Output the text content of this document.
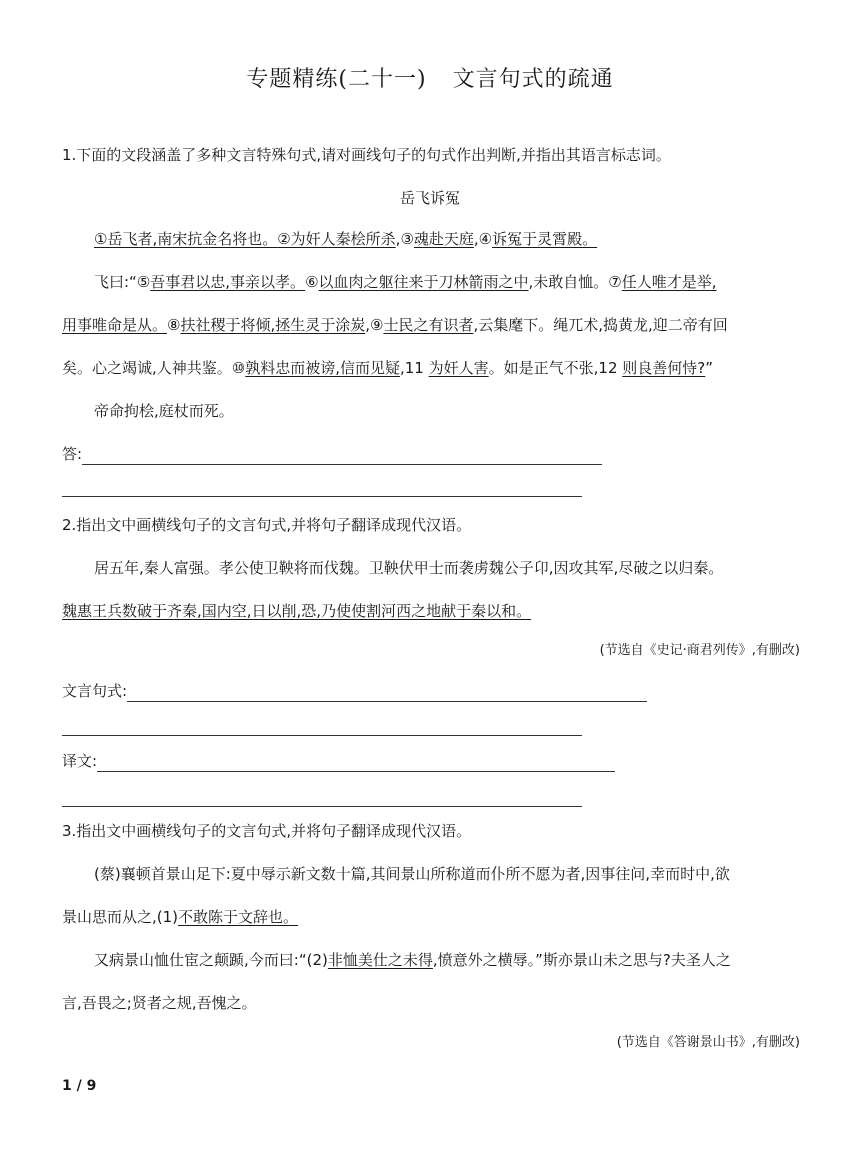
专题精练(二十一) 文言句式的疏通
1.下面的文段涵盖了多种文言特殊句式,请对画线句子的句式作出判断,并指出其语言标志词。
岳飞诉冤
①岳飞者,南宋抗金名将也。②为奸人秦桧所杀,③魂赴天庭,④诉冤于灵霄殿。
飞曰:“⑤吾事君以忠,事亲以孝。⑥以血肉之躯往来于刀林箭雨之中,未敢自恤。⑦任人唯才是举,
用事唯命是从。⑧扶社稷于将倾,拯生灵于涂炭,⑨士民之有识者,云集麾下。绳兀术,捣黄龙,迎二帝有回
矣。心之竭诚,人神共鉴。⑩孰料忠而被谤,信而见疑,11 为奸人害。如是正气不张,12 则良善何恃?”
帝命拘桧,庭杖而死。
答:
2.指出文中画横线句子的文言句式,并将句子翻译成现代汉语。
居五年,秦人富强。孝公使卫鞅将而伐魏。卫鞅伏甲士而袭虏魏公子卬,因攻其军,尽破之以归秦。
魏惠王兵数破于齐秦,国内空,日以削,恐,乃使使割河西之地献于秦以和。
(节选自《史记·商君列传》,有删改)
文言句式:
译文:
3.指出文中画横线句子的文言句式,并将句子翻译成现代汉语。
(蔡)襄顿首景山足下:夏中辱示新文数十篇,其间景山所称道而仆所不愿为者,因事往问,幸而时中,欲
景山思而从之,(1)不敢陈于文辞也。
又病景山恤仕宦之颠踬,今而曰:“(2)非恤美仕之未得,愤意外之横辱。”斯亦景山未之思与?夫圣人之
言,吾畏之;贤者之规,吾愧之。
(节选自《答谢景山书》,有删改)
1 / 9
